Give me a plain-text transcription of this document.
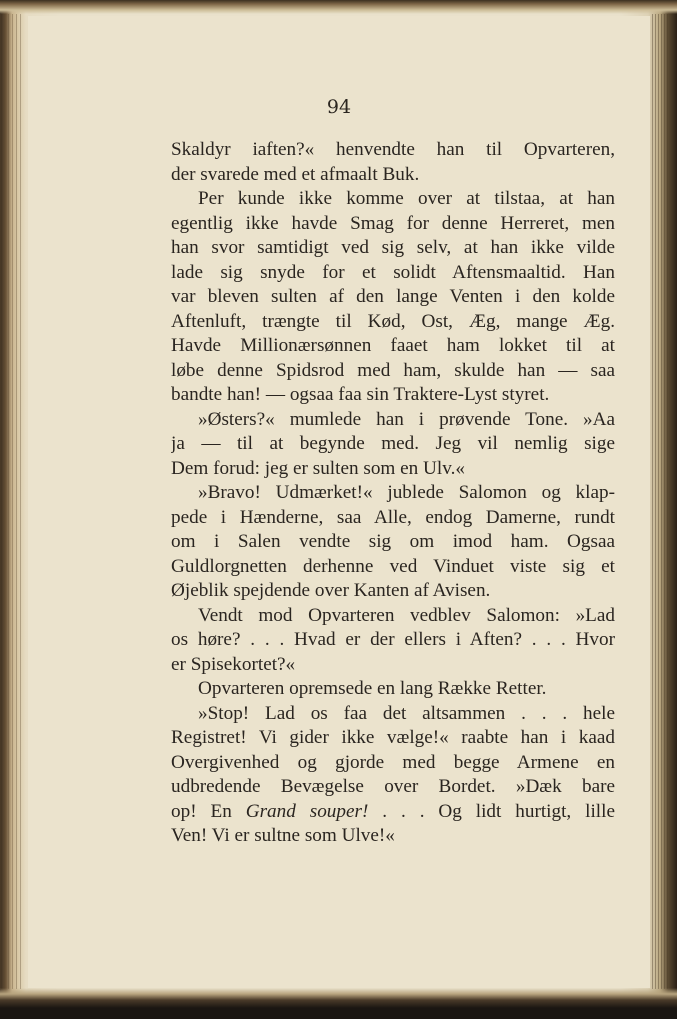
94
Skaldyr iaften?« henvendte han til Opvarteren,
der svarede med et afmaalt Buk.
Per kunde ikke komme over at tilstaa, at han
egentlig ikke havde Smag for denne Herreret, men
han svor samtidigt ved sig selv, at han ikke vilde
lade sig snyde for et solidt Aftensmaaltid. Han
var bleven sulten af den lange Venten i den kolde
Aftenluft, trængte til Kød, Ost, Æg, mange Æg.
Havde Millionærsønnen faaet ham lokket til at
løbe denne Spidsrod med ham, skulde han — saa
bandte han! — ogsaa faa sin Traktere-Lyst styret.
»Østers?« mumlede han i prøvende Tone. »Aa
ja — til at begynde med. Jeg vil nemlig sige
Dem forud: jeg er sulten som en Ulv.«
»Bravo! Udmærket!« jublede Salomon og klap-
pede i Hænderne, saa Alle, endog Damerne, rundt
om i Salen vendte sig om imod ham. Ogsaa
Guldlorgnetten derhenne ved Vinduet viste sig et
Øjeblik spejdende over Kanten af Avisen.
Vendt mod Opvarteren vedblev Salomon: »Lad
os høre? . . . Hvad er der ellers i Aften? . . . Hvor
er Spisekortet?«
Opvarteren opremsede en lang Række Retter.
»Stop! Lad os faa det altsammen . . . hele
Registret! Vi gider ikke vælge!« raabte han i kaad
Overgivenhed og gjorde med begge Armene en
udbredende Bevægelse over Bordet. »Dæk bare
op! En Grand souper! . . . Og lidt hurtigt, lille
Ven! Vi er sultne som Ulve!«
